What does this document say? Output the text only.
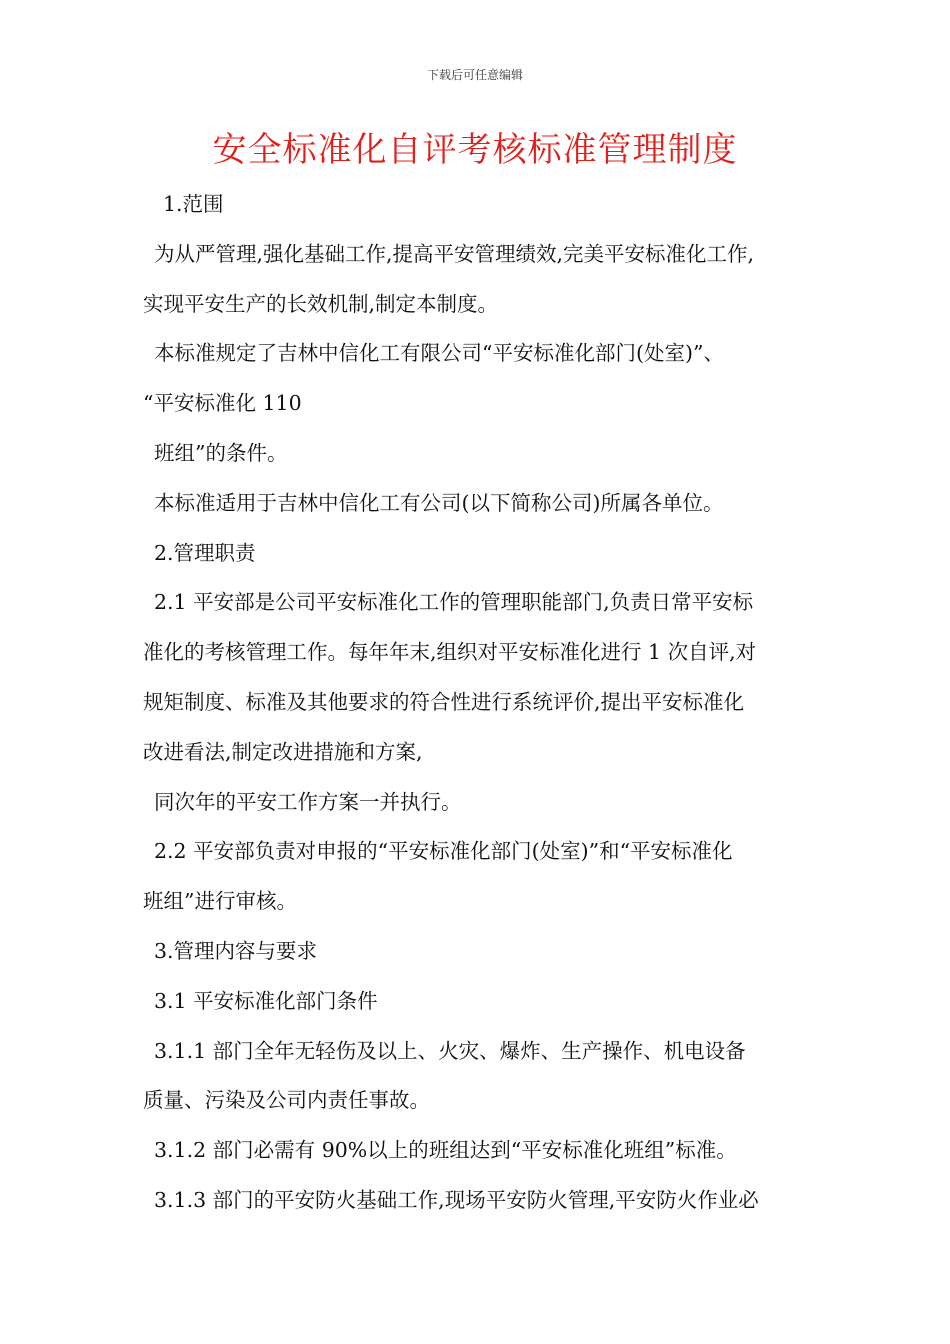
下载后可任意编辑
安全标准化自评考核标准管理制度
1.范围
为从严管理,强化基础工作,提高平安管理绩效,完美平安标准化工作,
实现平安生产的长效机制,制定本制度。
本标准规定了吉林中信化工有限公司“平安标准化部门(处室)”、
“平安标准化 110
班组”的条件。
本标准适用于吉林中信化工有公司(以下简称公司)所属各单位。
2.管理职责
2.1 平安部是公司平安标准化工作的管理职能部门,负责日常平安标
准化的考核管理工作。每年年末,组织对平安标准化进行 1 次自评,对
规矩制度、标准及其他要求的符合性进行系统评价,提出平安标准化
改进看法,制定改进措施和方案,
同次年的平安工作方案一并执行。
2.2 平安部负责对申报的“平安标准化部门(处室)”和“平安标准化
班组”进行审核。
3.管理内容与要求
3.1 平安标准化部门条件
3.1.1 部门全年无轻伤及以上、火灾、爆炸、生产操作、机电设备
质量、污染及公司内责任事故。
3.1.2 部门必需有 90%以上的班组达到“平安标准化班组”标准。
3.1.3 部门的平安防火基础工作,现场平安防火管理,平安防火作业必
